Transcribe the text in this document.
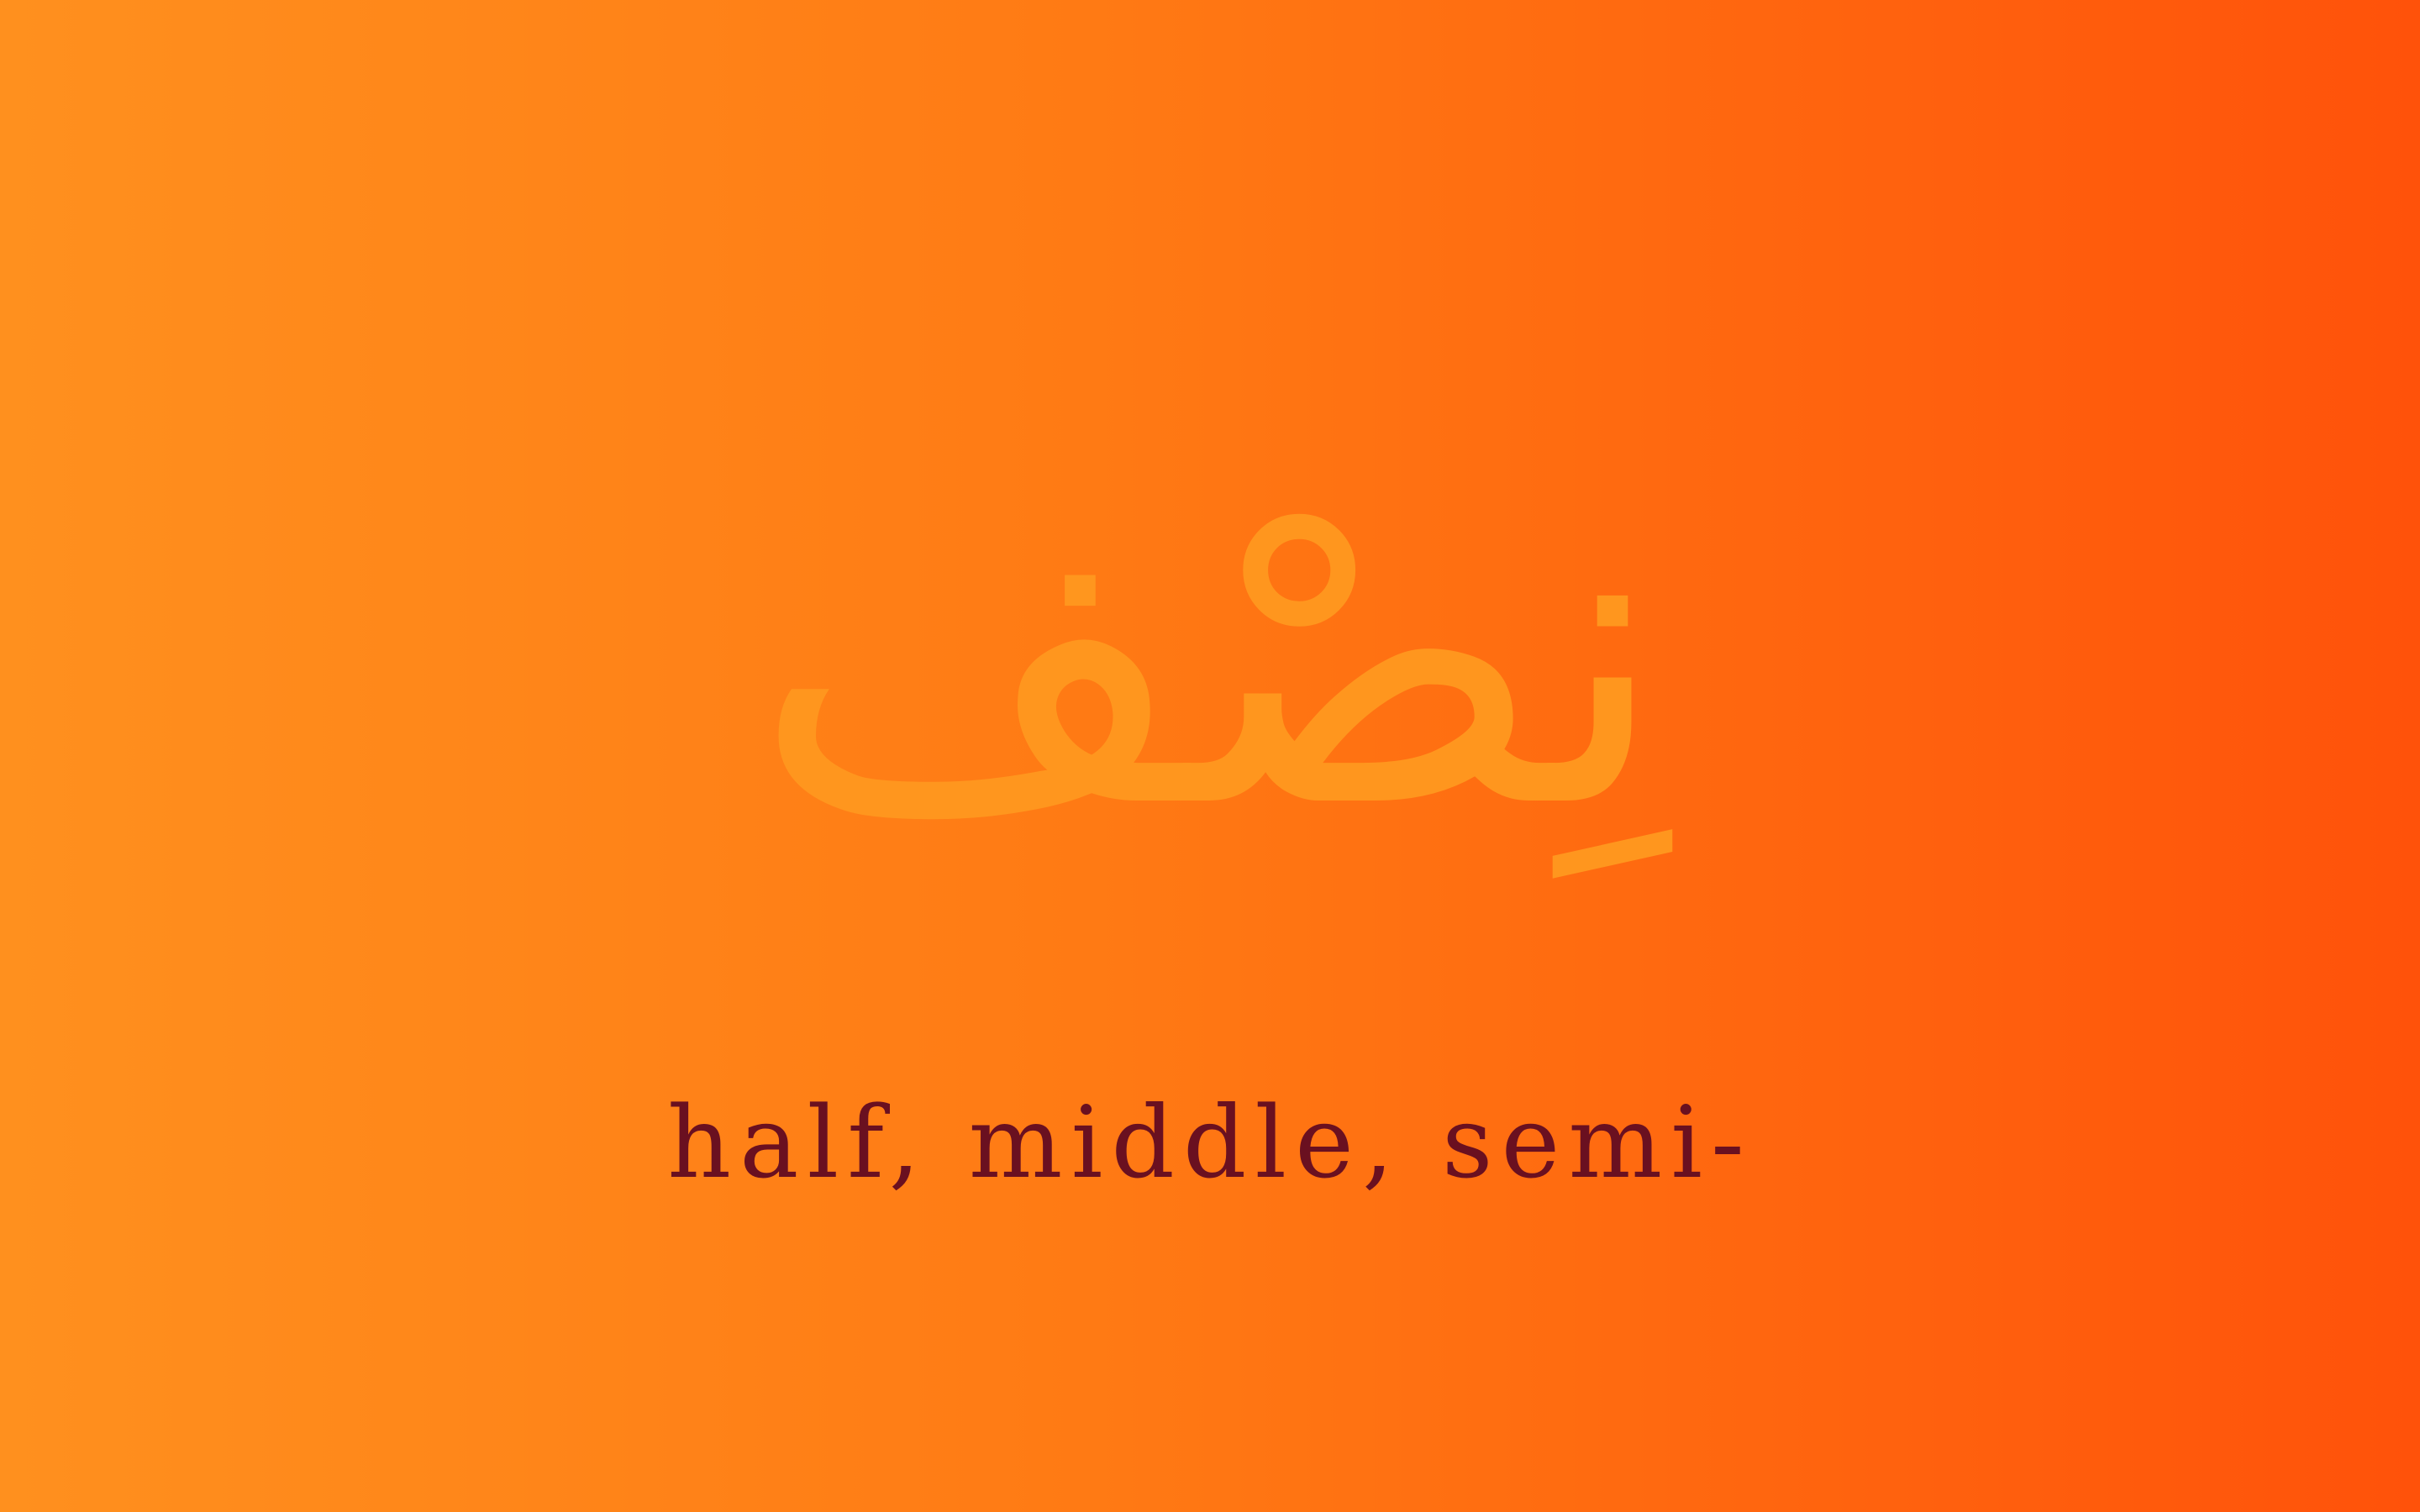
نِصْف
half, middle, semi-
